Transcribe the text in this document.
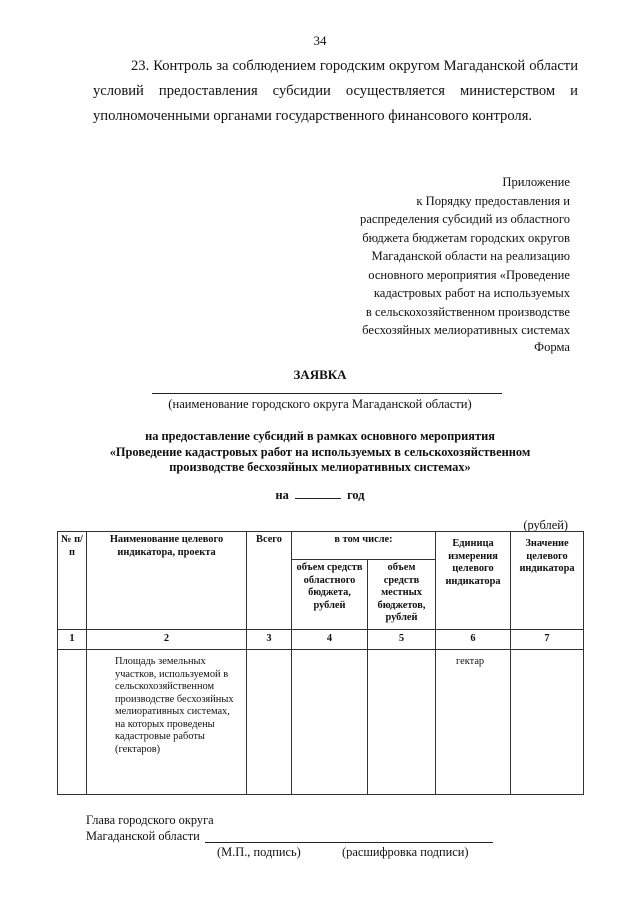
34
23. Контроль за соблюдением городским округом Магаданской области условий предоставления субсидии осуществляется министерством и уполномоченными органами государственного финансового контроля.
Приложение
к Порядку предоставления и
распределения субсидий из областного
бюджета бюджетам городских округов
Магаданской области на реализацию
основного мероприятия «Проведение
кадастровых работ на используемых
в сельскохозяйственном производстве
бесхозяйных мелиоративных системах
Форма
ЗАЯВКА
(наименование городского округа Магаданской области)
на предоставление субсидий в рамках основного мероприятия
«Проведение кадастровых работ на используемых в сельскохозяйственном
производстве бесхозяйных мелиоративных системах»
на	год
(рублей)
№ п/п	Наименование целевого индикатора, проекта	Всего	в том числе:		Единица измерения целевого индикатора	Значение целевого индикатора
			объем средств областного бюджета, рублей	объем средств местных бюджетов, рублей		
1	2	3	4	5	6	7
	Площадь земельных участков, используемой в сельскохозяйственном производстве бесхозяйных мелиоративных системах, на которых проведены кадастровые работы (гектаров)				гектар	
Глава городского округа
Магаданской области
(М.П., подпись)	(расшифровка подписи)
